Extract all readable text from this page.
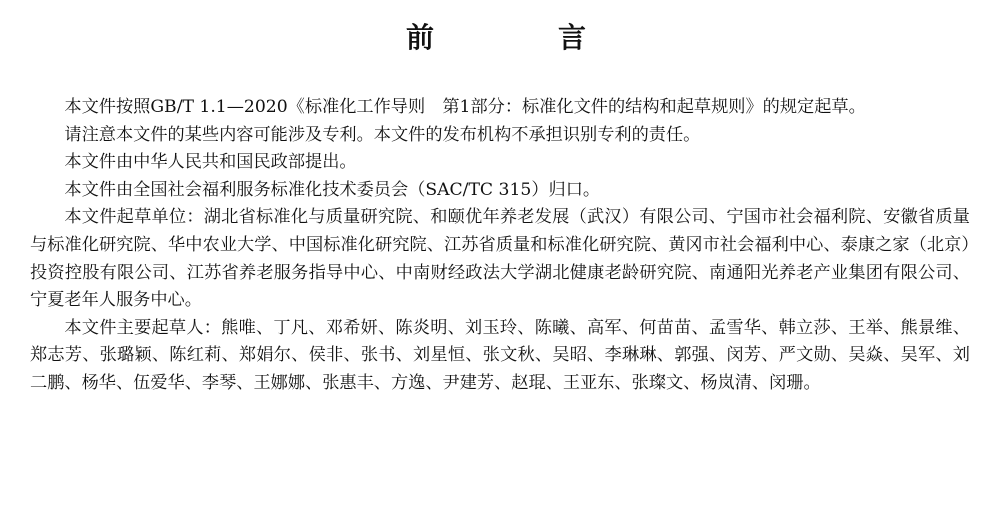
前　言

本文件按照GB/T 1.1—2020《标准化工作导则　第1部分：标准化文件的结构和起草规则》的规定起草。

请注意本文件的某些内容可能涉及专利。本文件的发布机构不承担识别专利的责任。

本文件由中华人民共和国民政部提出。

本文件由全国社会福利服务标准化技术委员会（SAC/TC 315）归口。

本文件起草单位：湖北省标准化与质量研究院、和颐优年养老发展（武汉）有限公司、宁国市社会福利院、安徽省质量与标准化研究院、华中农业大学、中国标准化研究院、江苏省质量和标准化研究院、黄冈市社会福利中心、泰康之家（北京）投资控股有限公司、江苏省养老服务指导中心、中南财经政法大学湖北健康老龄研究院、南通阳光养老产业集团有限公司、宁夏老年人服务中心。

本文件主要起草人：熊唯、丁凡、邓希妍、陈炎明、刘玉玲、陈曦、高军、何苗苗、孟雪华、韩立莎、王举、熊景维、郑志芳、张璐颖、陈红莉、郑娟尔、侯非、张书、刘星恒、张文秋、吴昭、李琳琳、郭强、闵芳、严文勋、吴焱、吴军、刘二鹏、杨华、伍爱华、李琴、王娜娜、张惠丰、方逸、尹建芳、赵琨、王亚东、张璨文、杨岚清、闵珊。
